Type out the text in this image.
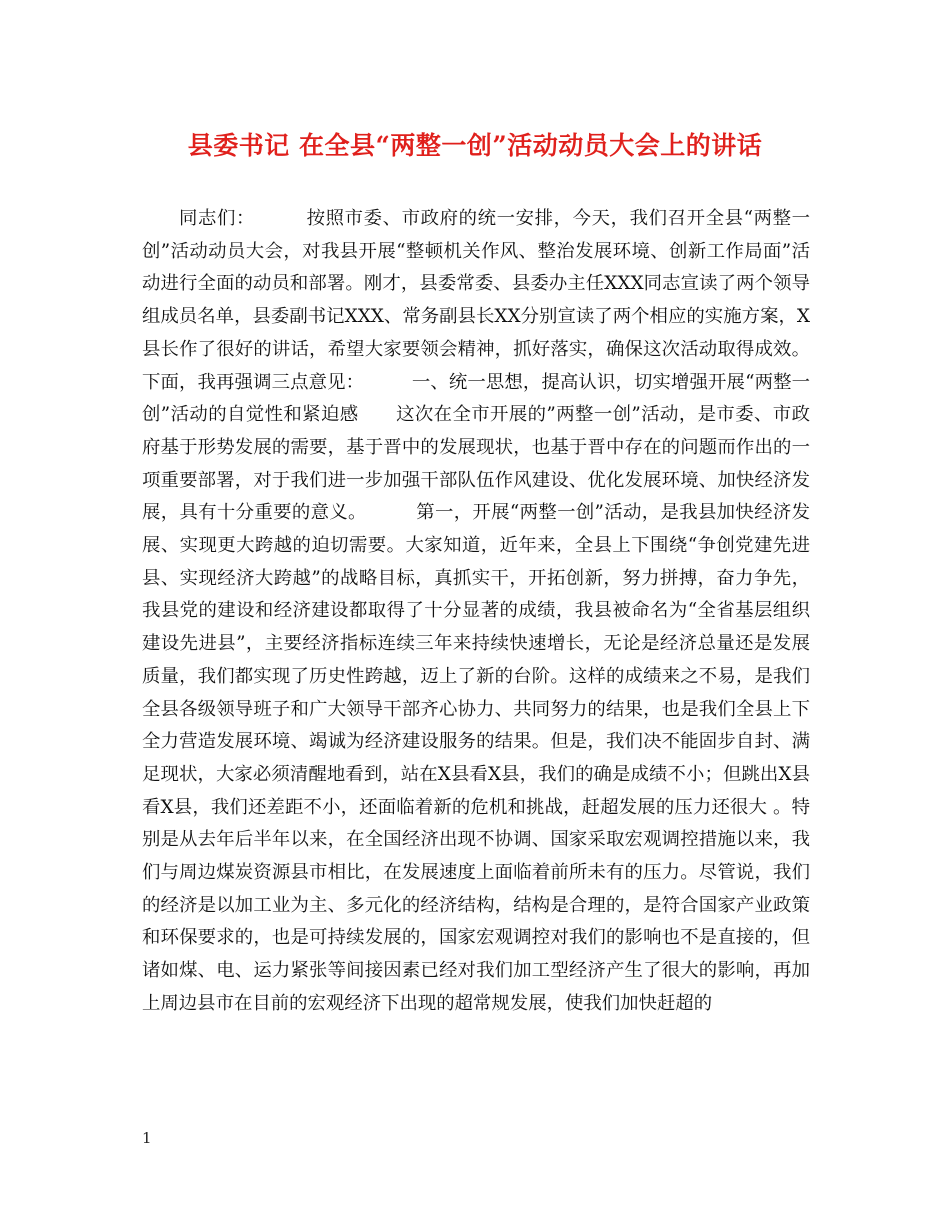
县委书记 在全县“两整一创”活动动员大会上的讲话

同志们：        按照市委、市政府的统一安排，今天，我们召开全县“两整一创”活动动员大会，对我县开展“整顿机关作风、整治发展环境、创新工作局面”活动进行全面的动员和部署。刚才，县委常委、县委办主任XXX同志宣读了两个领导组成员名单，县委副书记XXX、常务副县长XX分别宣读了两个相应的实施方案，X县长作了很好的讲话，希望大家要领会精神，抓好落实，确保这次活动取得成效。下面，我再强调三点意见：        一、统一思想，提高认识，切实增强开展“两整一创”活动的自觉性和紧迫感      这次在全市开展的”两整一创”活动，是市委、市政府基于形势发展的需要，基于晋中的发展现状，也基于晋中存在的问题而作出的一项重要部署，对于我们进一步加强干部队伍作风建设、优化发展环境、加快经济发展，具有十分重要的意义。        第一，开展“两整一创”活动，是我县加快经济发展、实现更大跨越的迫切需要。大家知道，近年来，全县上下围绕“争创党建先进县、实现经济大跨越”的战略目标，真抓实干，开拓创新，努力拼搏，奋力争先，我县党的建设和经济建设都取得了十分显著的成绩，我县被命名为“全省基层组织建设先进县”，主要经济指标连续三年来持续快速增长，无论是经济总量还是发展质量，我们都实现了历史性跨越，迈上了新的台阶。这样的成绩来之不易，是我们全县各级领导班子和广大领导干部齐心协力、共同努力的结果，也是我们全县上下全力营造发展环境、竭诚为经济建设服务的结果。但是，我们决不能固步自封、满足现状，大家必须清醒地看到，站在X县看X县，我们的确是成绩不小；但跳出X县看X县，我们还差距不小，还面临着新的危机和挑战，赶超发展的压力还很大 。特别是从去年后半年以来，在全国经济出现不协调、国家采取宏观调控措施以来，我们与周边煤炭资源县市相比，在发展速度上面临着前所未有的压力。尽管说，我们的经济是以加工业为主、多元化的经济结构，结构是合理的，是符合国家产业政策和环保要求的，也是可持续发展的，国家宏观调控对我们的影响也不是直接的，但诸如煤、电、运力紧张等间接因素已经对我们加工型经济产生了很大的影响，再加上周边县市在目前的宏观经济下出现的超常规发展，使我们加快赶超的

1
